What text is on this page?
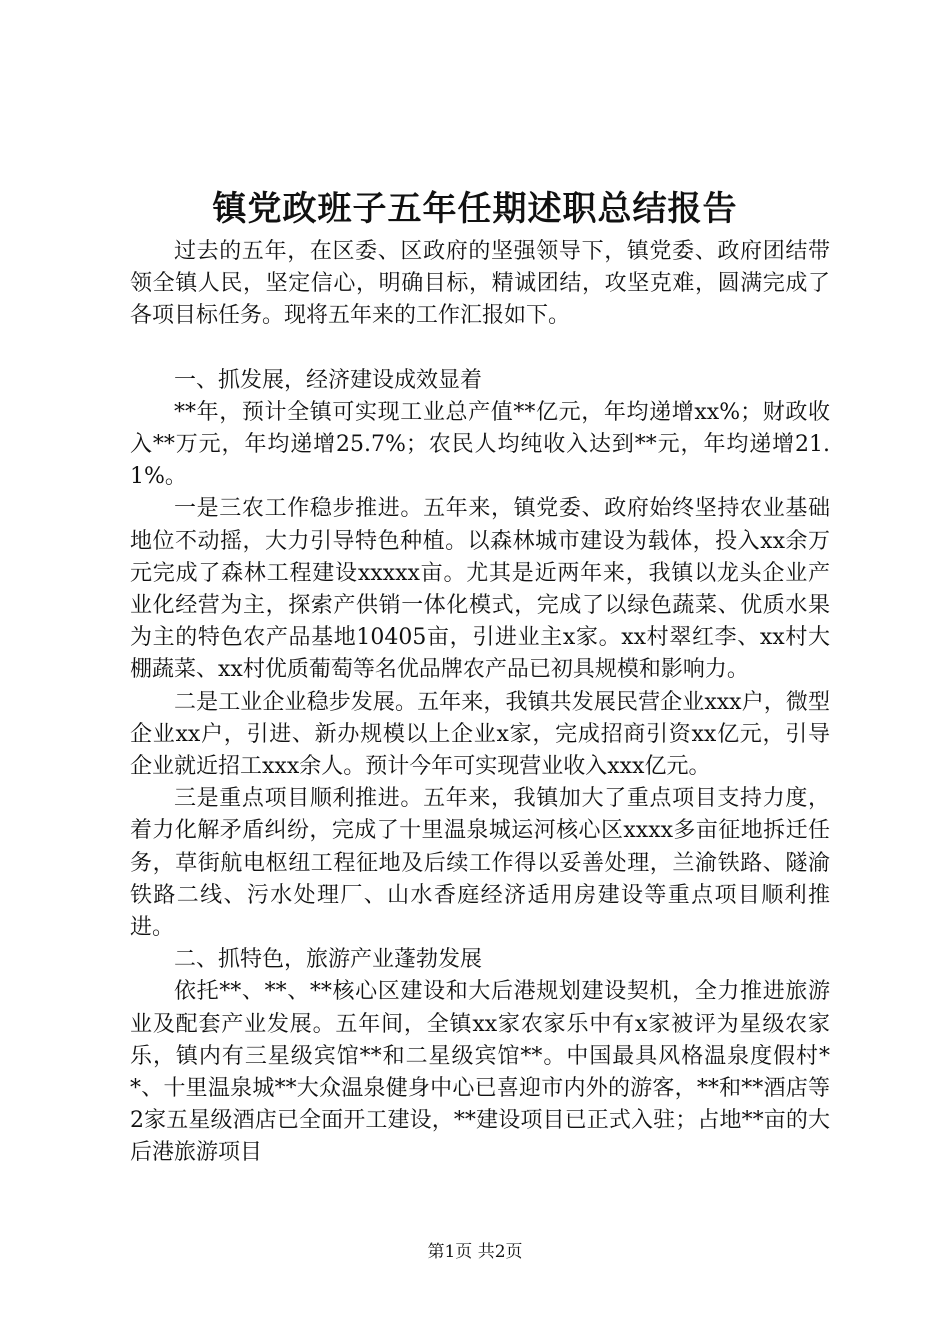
镇党政班子五年任期述职总结报告

过去的五年，在区委、区政府的坚强领导下，镇党委、政府团结带领全镇人民，坚定信心，明确目标，精诚团结，攻坚克难，圆满完成了各项目标任务。现将五年来的工作汇报如下。

一、抓发展，经济建设成效显着

**年，预计全镇可实现工业总产值**亿元，年均递增xx%；财政收入**万元，年均递增25.7%；农民人均纯收入达到**元，年均递增21.1%。

一是三农工作稳步推进。五年来，镇党委、政府始终坚持农业基础地位不动摇，大力引导特色种植。以森林城市建设为载体，投入xx余万元完成了森林工程建设xxxxx亩。尤其是近两年来，我镇以龙头企业产业化经营为主，探索产供销一体化模式，完成了以绿色蔬菜、优质水果为主的特色农产品基地10405亩，引进业主x家。xx村翠红李、xx村大棚蔬菜、xx村优质葡萄等名优品牌农产品已初具规模和影响力。

二是工业企业稳步发展。五年来，我镇共发展民营企业xxx户，微型企业xx户，引进、新办规模以上企业x家，完成招商引资xx亿元，引导企业就近招工xxx余人。预计今年可实现营业收入xxx亿元。

三是重点项目顺利推进。五年来，我镇加大了重点项目支持力度，着力化解矛盾纠纷，完成了十里温泉城运河核心区xxxx多亩征地拆迁任务，草街航电枢纽工程征地及后续工作得以妥善处理，兰渝铁路、隧渝铁路二线、污水处理厂、山水香庭经济适用房建设等重点项目顺利推进。

二、抓特色，旅游产业蓬勃发展

依托**、**、**核心区建设和大后港规划建设契机，全力推进旅游业及配套产业发展。五年间，全镇xx家农家乐中有x家被评为星级农家乐，镇内有三星级宾馆**和二星级宾馆**。中国最具风格温泉度假村**、十里温泉城**大众温泉健身中心已喜迎市内外的游客，**和**酒店等2家五星级酒店已全面开工建设，**建设项目已正式入驻；占地**亩的大后港旅游项目

第1页 共2页
